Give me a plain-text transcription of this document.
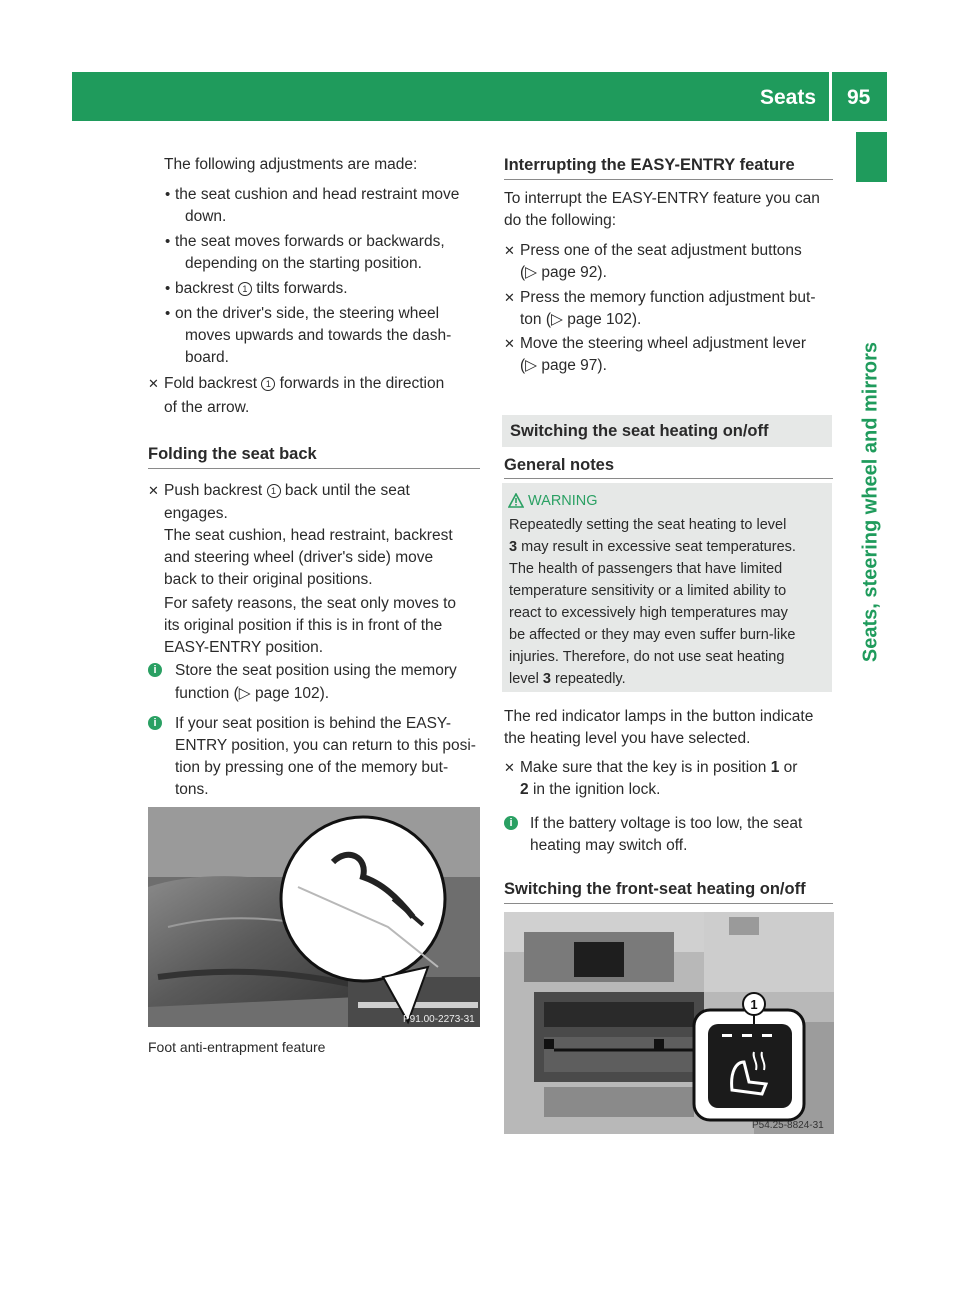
Seats 95
Seats, steering wheel and mirrors
The following adjustments are made:
• the seat cushion and head restraint move
down.
• the seat moves forwards or backwards,
depending on the starting position.
• backrest 1 tilts forwards.
• on the driver's side, the steering wheel
moves upwards and towards the dash-
board.
✕ Fold backrest 1 forwards in the direction
of the arrow.
Folding the seat back
✕ Push backrest 1 back until the seat
engages.
The seat cushion, head restraint, backrest
and steering wheel (driver's side) move
back to their original positions.
For safety reasons, the seat only moves to
its original position if this is in front of the
EASY-ENTRY position.
i	Store the seat position using the memory
function (▷ page 102).
i	If your seat position is behind the EASY-
ENTRY position, you can return to this posi-
tion by pressing one of the memory but-
tons.
P91.00-2273-31
Foot anti-entrapment feature
Interrupting the EASY-ENTRY feature
To interrupt the EASY-ENTRY feature you can
do the following:
✕ Press one of the seat adjustment buttons
(▷ page 92).
✕ Press the memory function adjustment but-
ton (▷ page 102).
✕ Move the steering wheel adjustment lever
(▷ page 97).
Switching the seat heating on/off
General notes
WARNING
Repeatedly setting the seat heating to level
3 may result in excessive seat temperatures.
The health of passengers that have limited
temperature sensitivity or a limited ability to
react to excessively high temperatures may
be affected or they may even suffer burn-like
injuries. Therefore, do not use seat heating
level 3 repeatedly.
The red indicator lamps in the button indicate
the heating level you have selected.
✕ Make sure that the key is in position 1 or
2 in the ignition lock.
i	If the battery voltage is too low, the seat
heating may switch off.
Switching the front-seat heating on/off
1
P54.25-8824-31
